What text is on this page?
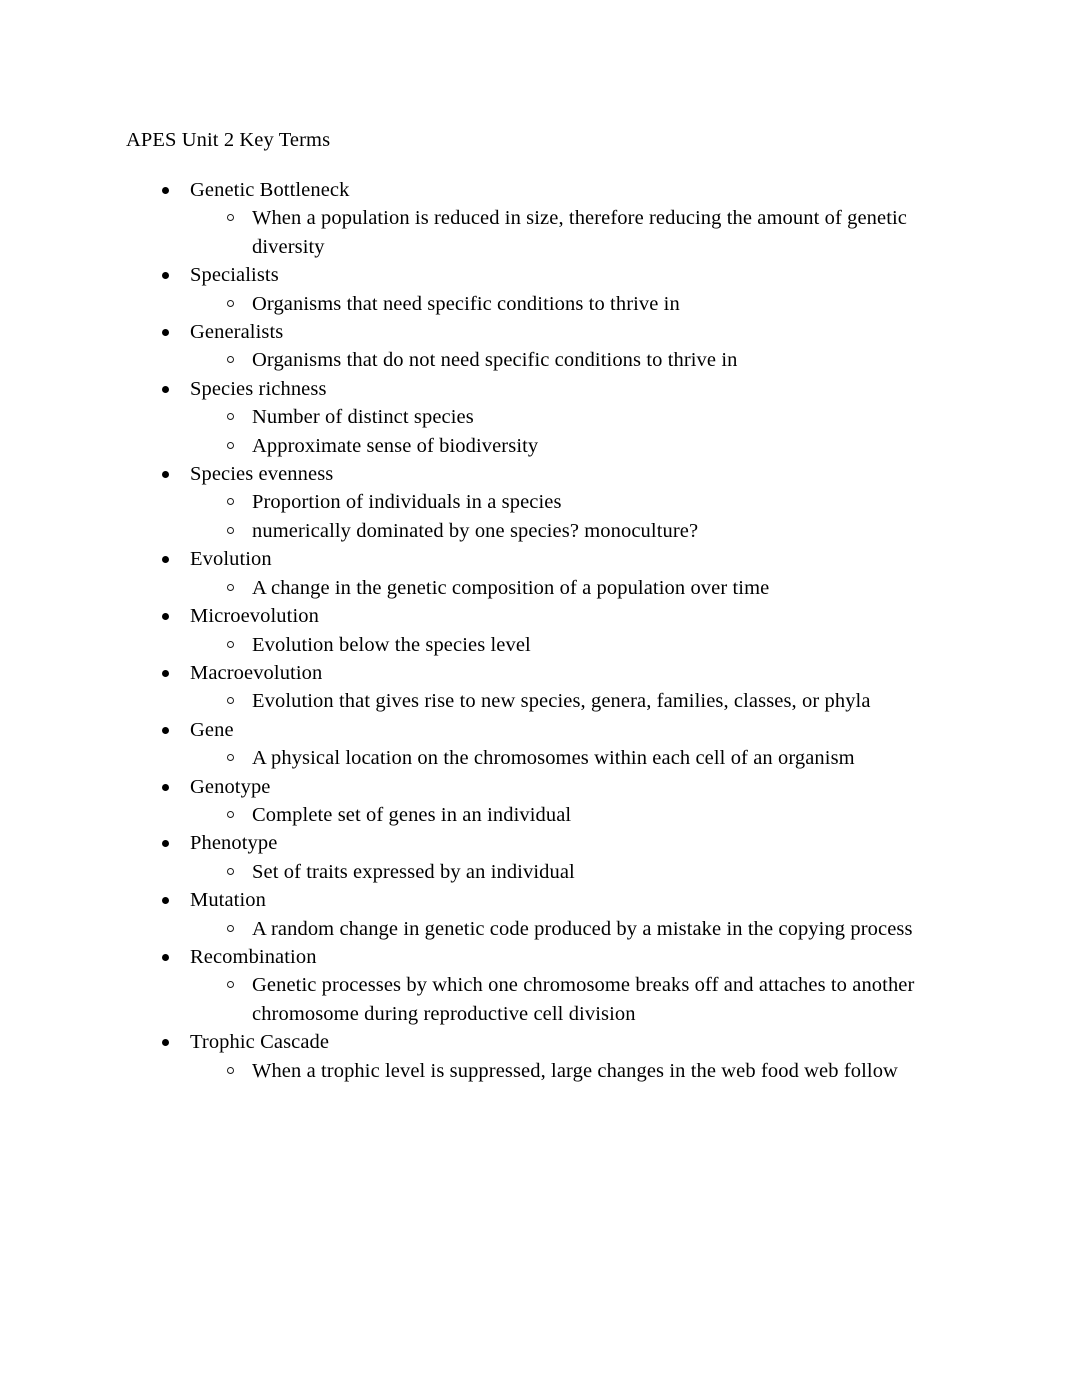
APES Unit 2 Key Terms
Genetic Bottleneck
When a population is reduced in size, therefore reducing the amount of genetic diversity
Specialists
Organisms that need specific conditions to thrive in
Generalists
Organisms that do not need specific conditions to thrive in
Species richness
Number of distinct species
Approximate sense of biodiversity
Species evenness
Proportion of individuals in a species
numerically dominated by one species? monoculture?
Evolution
A change in the genetic composition of a population over time
Microevolution
Evolution below the species level
Macroevolution
Evolution that gives rise to new species, genera, families, classes, or phyla
Gene
A physical location on the chromosomes within each cell of an organism
Genotype
Complete set of genes in an individual
Phenotype
Set of traits expressed by an individual
Mutation
A random change in genetic code produced by a mistake in the copying process
Recombination
Genetic processes by which one chromosome breaks off and attaches to another chromosome during reproductive cell division
Trophic Cascade
When a trophic level is suppressed, large changes in the web food web follow
